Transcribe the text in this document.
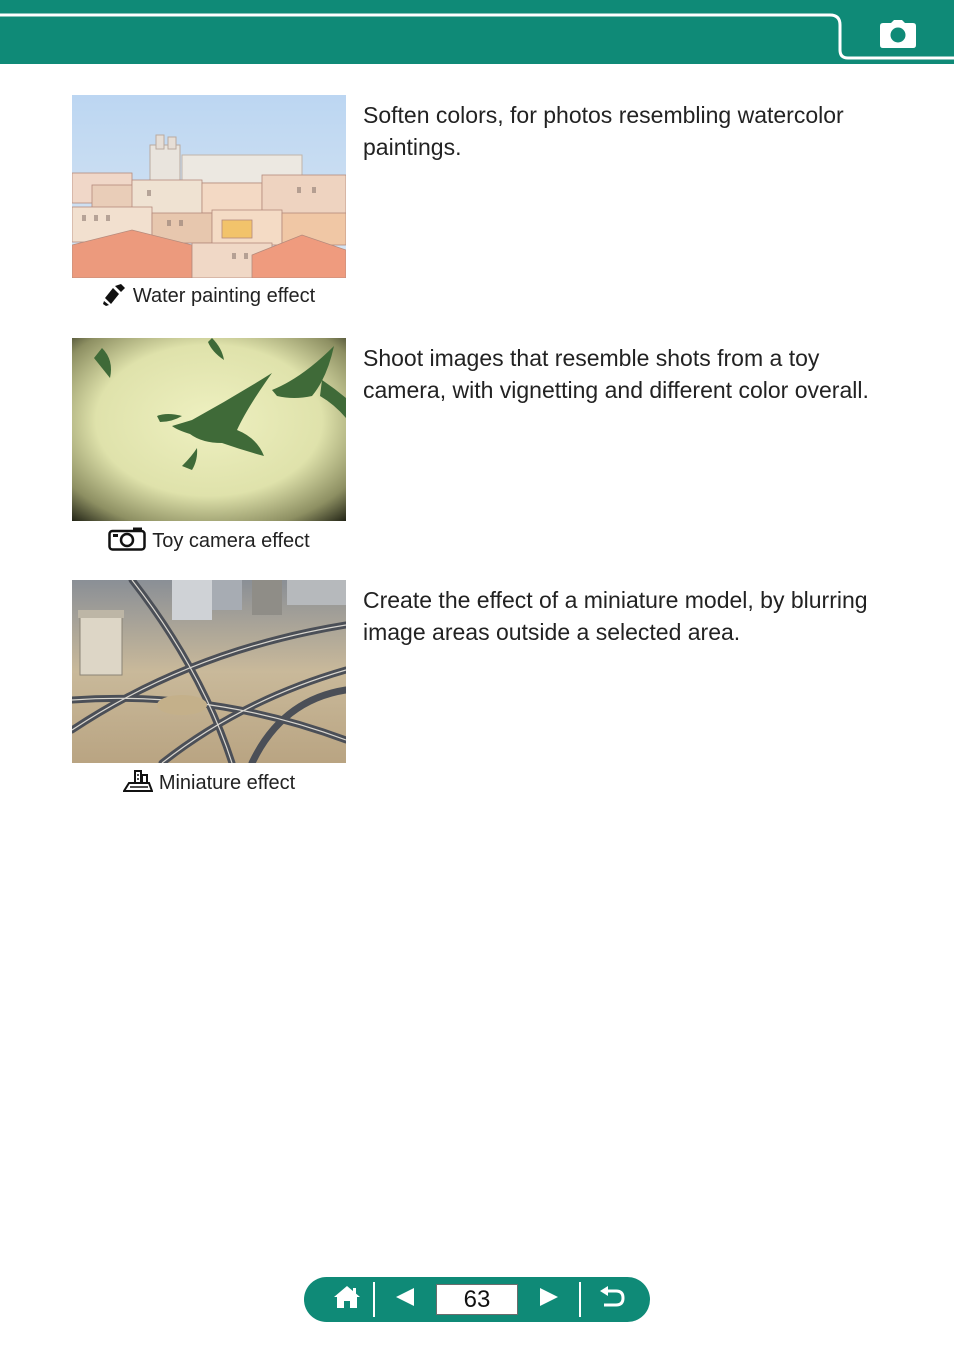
Water painting effect

Soften colors, for photos resembling watercolor paintings.

Toy camera effect

Shoot images that resemble shots from a toy camera, with vignetting and different color overall.

Miniature effect

Create the effect of a miniature model, by blurring image areas outside a selected area.

63
